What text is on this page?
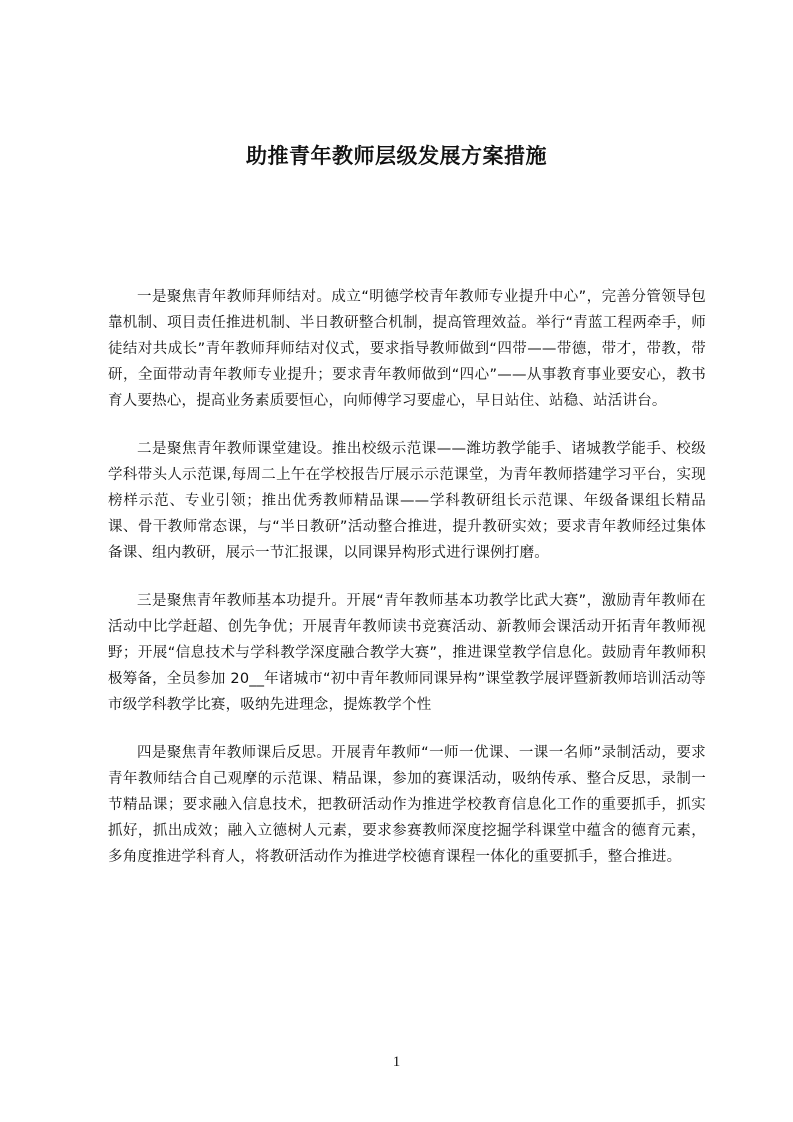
助推青年教师层级发展方案措施

一是聚焦青年教师拜师结对。成立“明德学校青年教师专业提升中心”，完善分管领导包靠机制、项目责任推进机制、半日教研整合机制，提高管理效益。举行“青蓝工程两牵手，师徒结对共成长”青年教师拜师结对仪式，要求指导教师做到“四带——带德，带才，带教，带研，全面带动青年教师专业提升；要求青年教师做到“四心”——从事教育事业要安心，教书育人要热心，提高业务素质要恒心，向师傅学习要虚心，早日站住、站稳、站活讲台。

二是聚焦青年教师课堂建设。推出校级示范课——潍坊教学能手、诸城教学能手、校级学科带头人示范课,每周二上午在学校报告厅展示示范课堂，为青年教师搭建学习平台，实现榜样示范、专业引领；推出优秀教师精品课——学科教研组长示范课、年级备课组长精品课、骨干教师常态课，与“半日教研”活动整合推进，提升教研实效；要求青年教师经过集体备课、组内教研，展示一节汇报课，以同课异构形式进行课例打磨。

三是聚焦青年教师基本功提升。开展“青年教师基本功教学比武大赛”，激励青年教师在活动中比学赶超、创先争优；开展青年教师读书竞赛活动、新教师会课活动开拓青年教师视野；开展“信息技术与学科教学深度融合教学大赛”，推进课堂教学信息化。鼓励青年教师积极筹备，全员参加 20__年诸城市“初中青年教师同课异构”课堂教学展评暨新教师培训活动等市级学科教学比赛，吸纳先进理念，提炼教学个性

四是聚焦青年教师课后反思。开展青年教师“一师一优课、一课一名师”录制活动，要求青年教师结合自己观摩的示范课、精品课，参加的赛课活动，吸纳传承、整合反思，录制一节精品课；要求融入信息技术，把教研活动作为推进学校教育信息化工作的重要抓手，抓实抓好，抓出成效；融入立德树人元素，要求参赛教师深度挖掘学科课堂中蕴含的德育元素，多角度推进学科育人，将教研活动作为推进学校德育课程一体化的重要抓手，整合推进。

1
